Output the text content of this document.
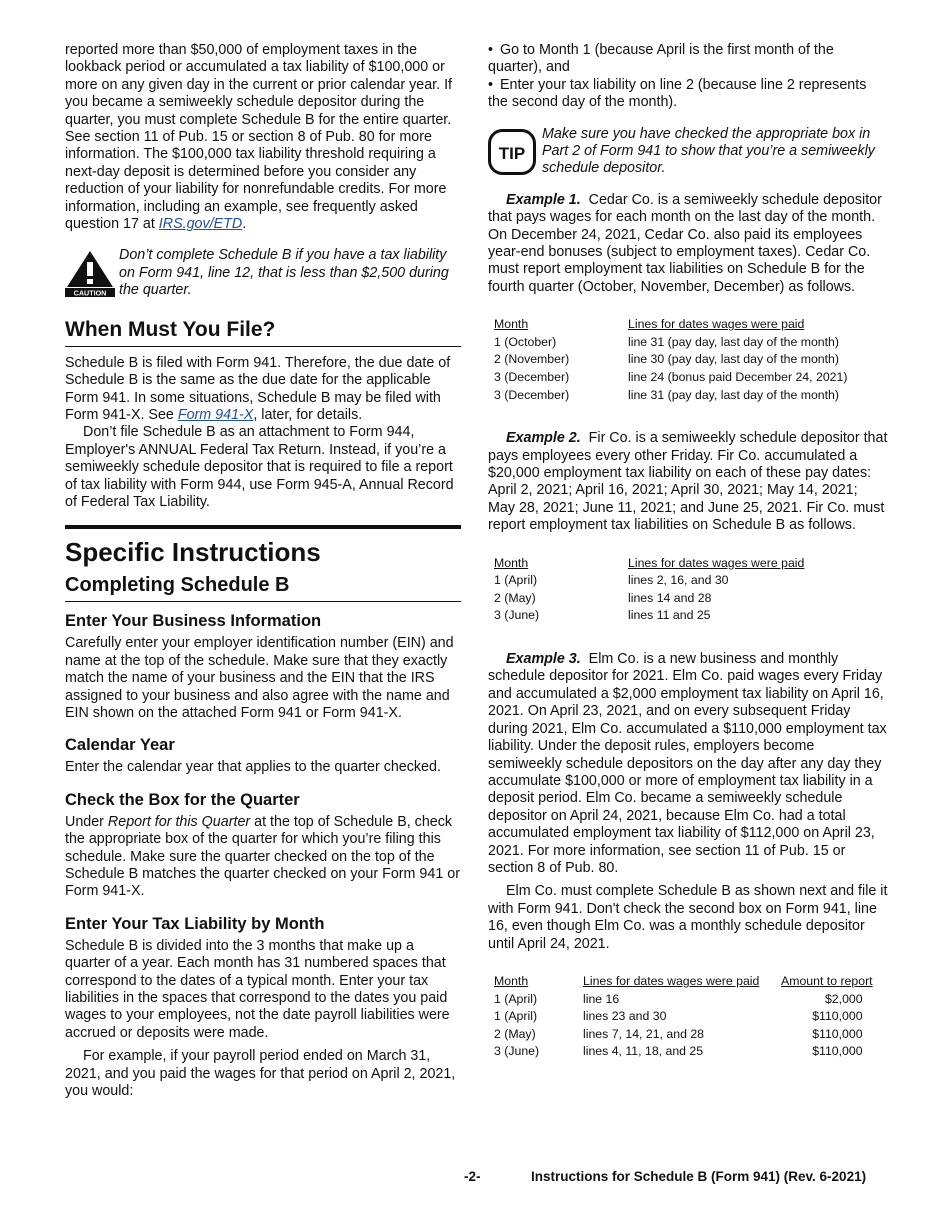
reported more than $50,000 of employment taxes in the lookback period or accumulated a tax liability of $100,000 or more on any given day in the current or prior calendar year. If you became a semiweekly schedule depositor during the quarter, you must complete Schedule B for the entire quarter. See section 11 of Pub. 15 or section 8 of Pub. 80 for more information. The $100,000 tax liability threshold requiring a next-day deposit is determined before you consider any reduction of your liability for nonrefundable credits. For more information, including an example, see frequently asked question 17 at IRS.gov/ETD.

CAUTION
Don’t complete Schedule B if you have a tax liability on Form 941, line 12, that is less than $2,500 during the quarter.
When Must You File?

Schedule B is filed with Form 941. Therefore, the due date of Schedule B is the same as the due date for the applicable Form 941. In some situations, Schedule B may be filed with Form 941-X. See Form 941-X, later, for details.

Don’t file Schedule B as an attachment to Form 944, Employer's ANNUAL Federal Tax Return. Instead, if you’re a semiweekly schedule depositor that is required to file a report of tax liability with Form 944, use Form 945-A, Annual Record of Federal Tax Liability.

Specific Instructions
Completing Schedule B
Enter Your Business Information

Carefully enter your employer identification number (EIN) and name at the top of the schedule. Make sure that they exactly match the name of your business and the EIN that the IRS assigned to your business and also agree with the name and EIN shown on the attached Form 941 or Form 941-X.

Calendar Year

Enter the calendar year that applies to the quarter checked.

Check the Box for the Quarter

Under Report for this Quarter at the top of Schedule B, check the appropriate box of the quarter for which you’re filing this schedule. Make sure the quarter checked on the top of the Schedule B matches the quarter checked on your Form 941 or Form 941-X.

Enter Your Tax Liability by Month

Schedule B is divided into the 3 months that make up a quarter of a year. Each month has 31 numbered spaces that correspond to the dates of a typical month. Enter your tax liabilities in the spaces that correspond to the dates you paid wages to your employees, not the date payroll liabilities were accrued or deposits were made.

For example, if your payroll period ended on March 31, 2021, and you paid the wages for that period on April 2, 2021, you would:

• Go to Month 1 (because April is the first month of the quarter), and

• Enter your tax liability on line 2 (because line 2 represents the second day of the month).

TIP
Make sure you have checked the appropriate box in Part 2 of Form 941 to show that you’re a semiweekly schedule depositor.

Example 1. Cedar Co. is a semiweekly schedule depositor that pays wages for each month on the last day of the month. On December 24, 2021, Cedar Co. also paid its employees year-end bonuses (subject to employment taxes). Cedar Co. must report employment tax liabilities on Schedule B for the fourth quarter (October, November, December) as follows.

Month	Lines for dates wages were paid
1 (October)	line 31 (pay day, last day of the month)
2 (November)	line 30 (pay day, last day of the month)
3 (December)	line 24 (bonus paid December 24, 2021)
3 (December)	line 31 (pay day, last day of the month)

Example 2. Fir Co. is a semiweekly schedule depositor that pays employees every other Friday. Fir Co. accumulated a $20,000 employment tax liability on each of these pay dates: April 2, 2021; April 16, 2021; April 30, 2021; May 14, 2021; May 28, 2021; June 11, 2021; and June 25, 2021. Fir Co. must report employment tax liabilities on Schedule B as follows.

Month	Lines for dates wages were paid
1 (April)	lines 2, 16, and 30
2 (May)	lines 14 and 28
3 (June)	lines 11 and 25

Example 3. Elm Co. is a new business and monthly schedule depositor for 2021. Elm Co. paid wages every Friday and accumulated a $2,000 employment tax liability on April 16, 2021. On April 23, 2021, and on every subsequent Friday during 2021, Elm Co. accumulated a $110,000 employment tax liability. Under the deposit rules, employers become semiweekly schedule depositors on the day after any day they accumulate $100,000 or more of employment tax liability in a deposit period. Elm Co. became a semiweekly schedule depositor on April 24, 2021, because Elm Co. had a total accumulated employment tax liability of $112,000 on April 23, 2021. For more information, see section 11 of Pub. 15 or section 8 of Pub. 80.

Elm Co. must complete Schedule B as shown next and file it with Form 941. Don't check the second box on Form 941, line 16, even though Elm Co. was a monthly schedule depositor until April 24, 2021.

Month	Lines for dates wages were paid	Amount to report
1 (April)	line 16	$2,000
1 (April)	lines 23 and 30	$110,000
2 (May)	lines 7, 14, 21, and 28	$110,000
3 (June)	lines 4, 11, 18, and 25	$110,000
-2-	Instructions for Schedule B (Form 941) (Rev. 6-2021)
